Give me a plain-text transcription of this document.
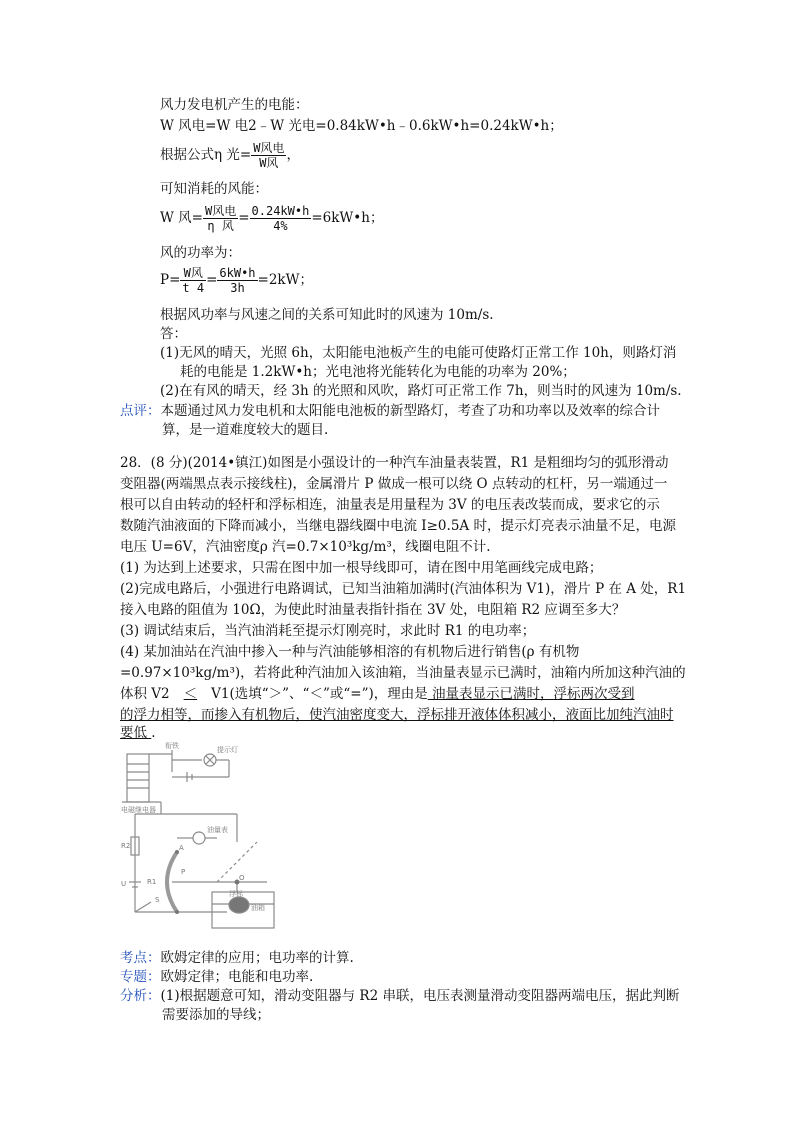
风力发电机产生的电能：
W 风电=W 电2﹣W 光电=0.84kW•h﹣0.6kW•h=0.24kW•h；
根据公式η 光= $\frac{\text{W风电}}{\text{W风}}$ ，
可知消耗的风能：
W 风= $\frac{\text{W风电}}{\text{η 风}} = \frac{0.24kW•h}{4\%}$ =6kW•h；
风的功率为：
$P= \frac{\text{W风}}{t 4} = \frac{6kW•h}{3h} =2kW$；
根据风功率与风速之间的关系可知此时的风速为 10m/s.
答：
(1)无风的晴天，光照 6h，太阳能电池板产生的电能可使路灯正常工作 10h，则路灯消
耗的电能是 1.2kW•h；光电池将光能转化为电能的功率为 20%；
(2)在有风的晴天，经 3h 的光照和风吹，路灯可正常工作 7h，则当时的风速为 10m/s.
点评：本题通过风力发电机和太阳能电池板的新型路灯，考查了功和功率以及效率的综合计
算，是一道难度较大的题目.
28．(8 分)(2014•镇江)如图是小强设计的一种汽车油量表装置，R1 是粗细均匀的弧形滑动
变阻器(两端黑点表示接线柱)，金属滑片 P 做成一根可以绕 O 点转动的杠杆，另一端通过一
根可以自由转动的轻杆和浮标相连，油量表是用量程为 3V 的电压表改装而成，要求它的示
数随汽油液面的下降而减小，当继电器线圈中电流 I≥0.5A 时，提示灯亮表示油量不足，电源
电压 U=6V，汽油密度ρ 汽=0.7×10³kg/m³，线圈电阻不计.
(1) 为达到上述要求，只需在图中加一根导线即可，请在图中用笔画线完成电路；
(2)完成电路后，小强进行电路调试，已知当油箱加满时(汽油体积为 V1)，滑片 P 在 A 处，R1
接入电路的阻值为 10Ω，为使此时油量表指针指在 3V 处，电阻箱 R2 应调至多大？
(3) 调试结束后，当汽油消耗至提示灯刚亮时，求此时 R1 的电功率；
(4) 某加油站在汽油中掺入一种与汽油能够相溶的有机物后进行销售(ρ 有机物
=0.97×10³kg/m³)，若将此种汽油加入该油箱，当油量表显示已满时，油箱内所加这种汽油的
体积 V2 ＜ V1(选填“＞”、“＜”或“=”)，理由是 油量表显示已满时，浮标两次受到
的浮力相等，而掺入有机物后，使汽油密度变大，浮标排开液体体积减小，液面比加纯汽油时
要低 .
衔铁	提示灯
电磁继电器
油量表
R2
R1
U
S
P
O
A
浮标
油箱
考点：欧姆定律的应用；电功率的计算.
专题：欧姆定律；电能和电功率.
分析：(1)根据题意可知，滑动变阻器与 R2 串联，电压表测量滑动变阻器两端电压，据此判断
需要添加的导线；
